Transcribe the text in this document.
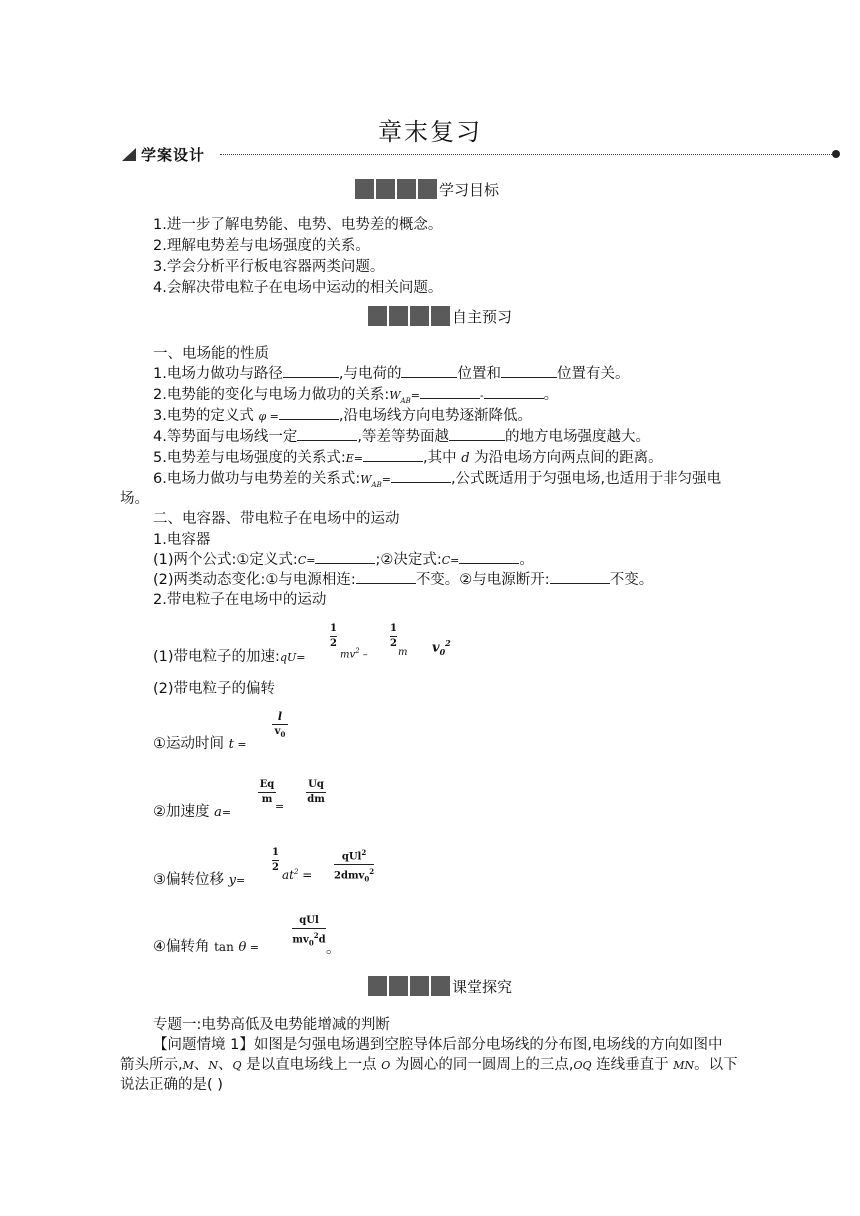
章末复习
学案设计
学习目标
1.进一步了解电势能、电势、电势差的概念。
2.理解电势差与电场强度的关系。
3.学会分析平行板电容器两类问题。
4.会解决带电粒子在电场中运动的相关问题。
自主预习
一、电场能的性质
1.电场力做功与路径	,与电荷的	位置和	位置有关。
2.电势能的变化与电场力做功的关系$:W_{AB}=$	-	。
3.电势的定义式 φ =	,沿电场线方向电势逐渐降低。
4.等势面与电场线一定	,等差等势面越	的地方电场强度越大。
5.电势差与电场强度的关系式:E=	,其中 d 为沿电场方向两点间的距离。
6.电场力做功与电势差的关系式$:W_{AB}=$	,公式既适用于匀强电场,也适用于非匀强电
场。
二、电容器、带电粒子在电场中的运动
1.电容器
(1)两个公式:①定义式:C=	;②决定式:C=	。
(2)两类动态变化:①与电源相连:	不变。②与电源断开:	不变。
2.带电粒子在电场中的运动
(1)带电粒子的加速:qU=
$\frac{1}{2}$
$mv^2$ –
$\frac{1}{2}$
m $v_0^2$
(2)带电粒子的偏转
①运动时间 t =
$\frac{l}{v_0}$
②加速度 a=
$\frac{Eq}{m} = \frac{Uq}{dm}$
③偏转位移 y=
$\frac{1}{2} at^2$ =
qUl$^2$
2dmv$_0^2$
④偏转角 tan θ =
qUl
$mv_0^2d$
。
课堂探究
专题一:电势高低及电势能增减的判断
【问题情境 1】如图是匀强电场遇到空腔导体后部分电场线的分布图,电场线的方向如图中
箭头所示,M、N、Q 是以直电场线上一点 O 为圆心的同一圆周上的三点,OQ 连线垂直于 MN。以下
说法正确的是( )
